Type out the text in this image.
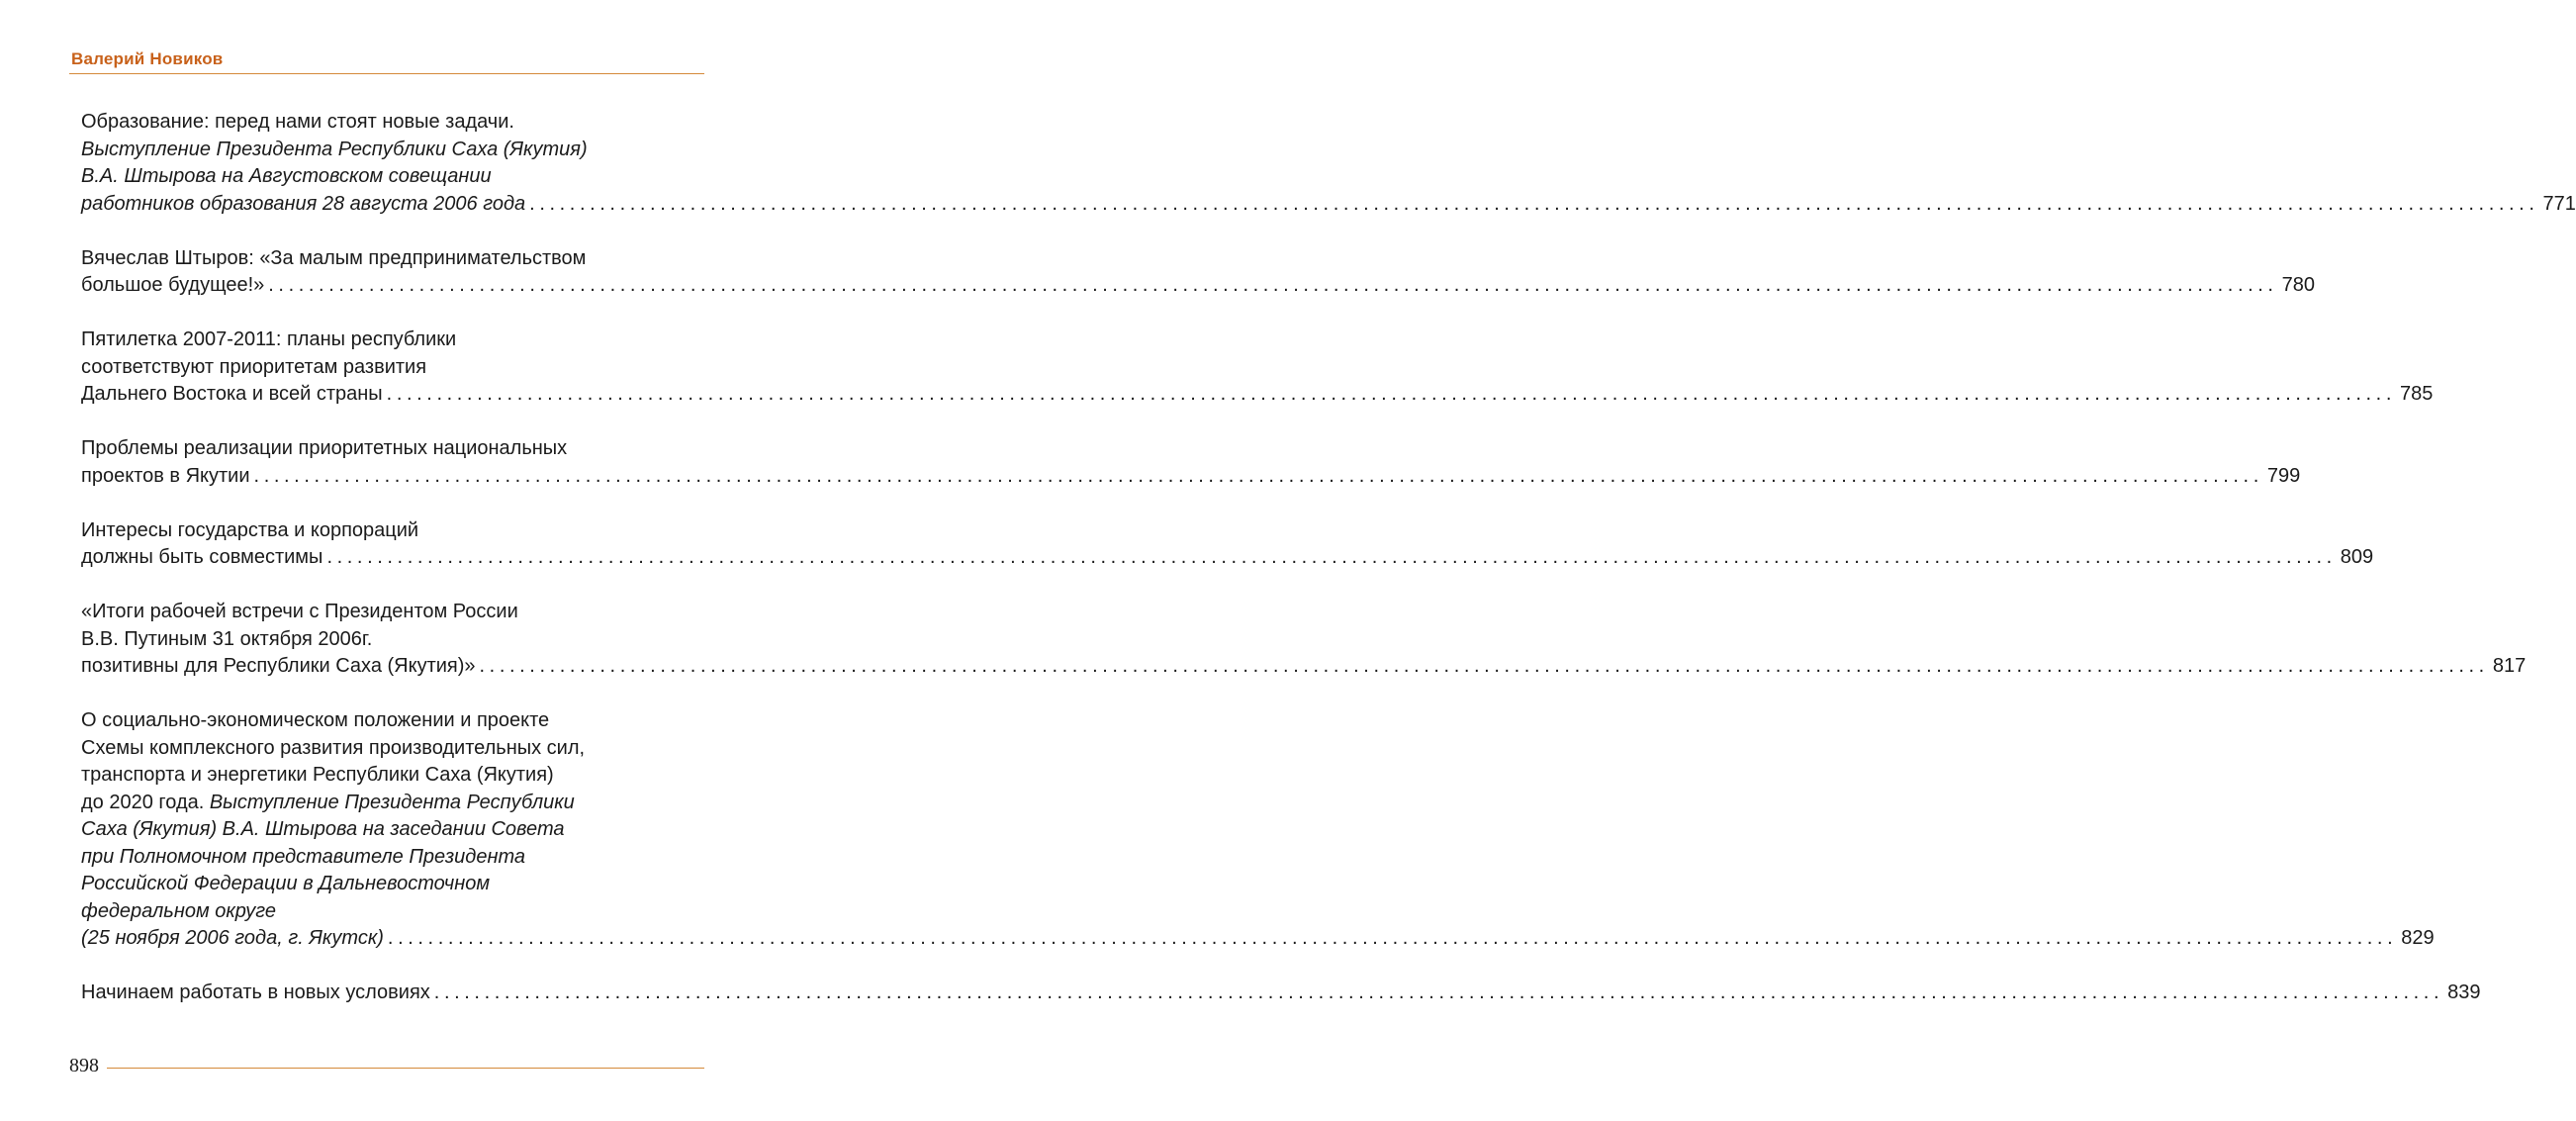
Валерий Новиков
Образование: перед нами стоят новые задачи.
Выступление Президента Республики Саха (Якутия)
В.А. Штырова на Августовском совещании
работников образования 28 августа 2006 года ........................................................................................................................................................................................................ 771
Вячеслав Штыров: «За малым предпринимательством
большое будущее!» ........................................................................................................................................................................................................ 780
Пятилетка 2007-2011: планы республики
соответствуют приоритетам развития
Дальнего Востока и всей страны ........................................................................................................................................................................................................ 785
Проблемы реализации приоритетных национальных
проектов в Якутии ........................................................................................................................................................................................................ 799
Интересы государства и корпораций
должны быть совместимы ........................................................................................................................................................................................................ 809
«Итоги рабочей встречи с Президентом России
В.В. Путиным 31 октября 2006г.
позитивны для Республики Саха (Якутия)» ........................................................................................................................................................................................................ 817
О социально-экономическом положении и проекте
Схемы комплексного развития производительных сил,
транспорта и энергетики Республики Саха (Якутия)
до 2020 года. Выступление Президента Республики
Саха (Якутия) В.А. Штырова на заседании Совета
при Полномочном представителе Президента
Российской Федерации в Дальневосточном
федеральном округе
(25 ноября 2006 года, г. Якутск) ........................................................................................................................................................................................................ 829
Начинаем работать в новых условиях ........................................................................................................................................................................................................ 839
898
